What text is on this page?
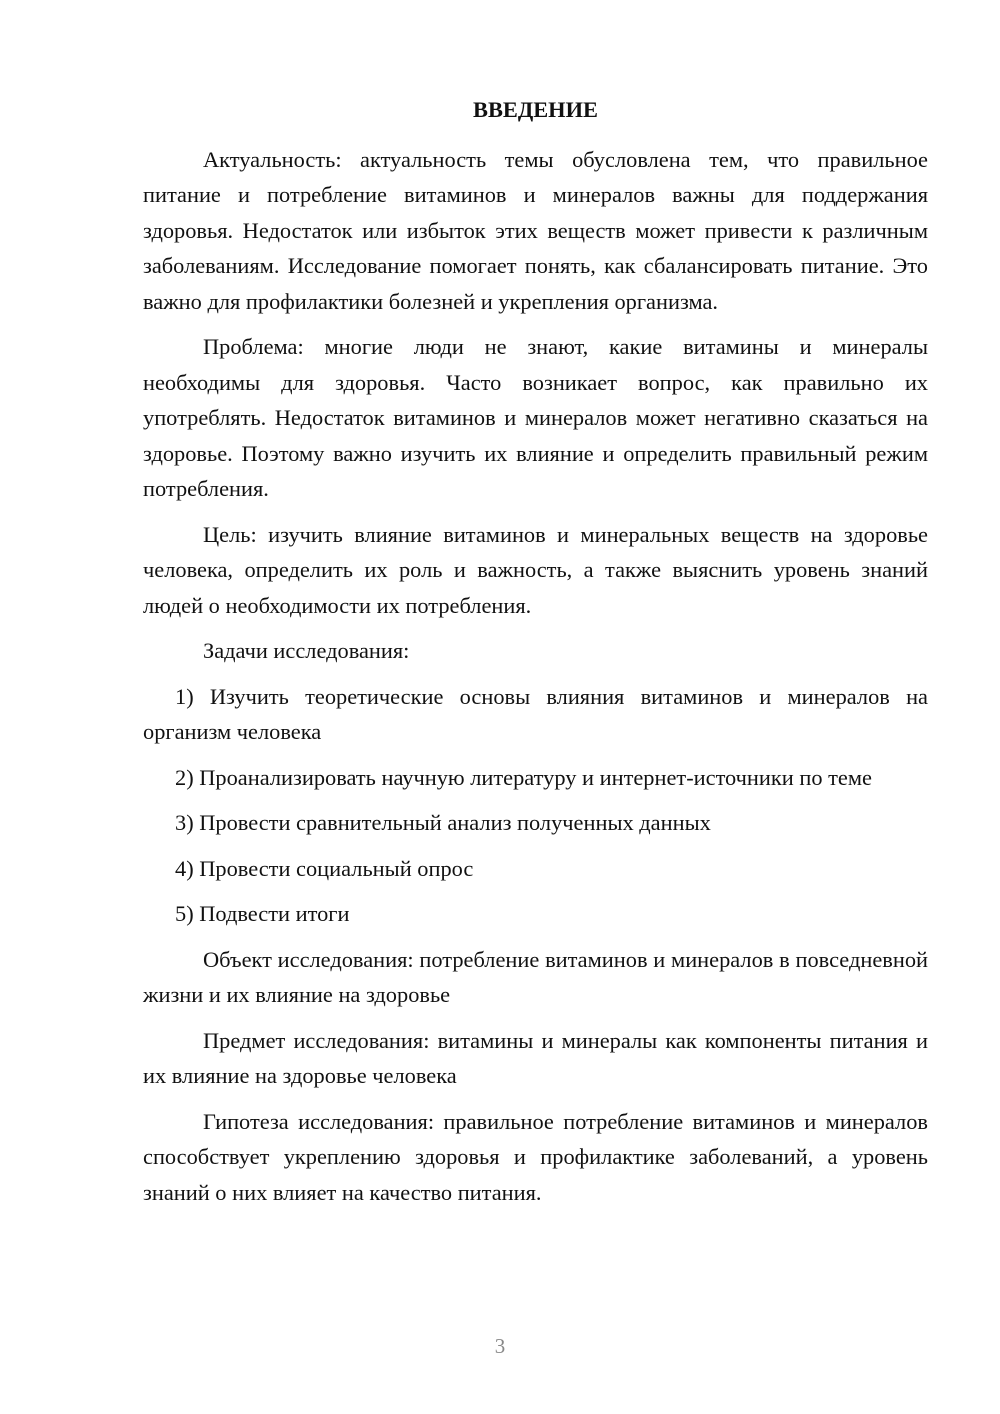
ВВЕДЕНИЕ

Актуальность: актуальность темы обусловлена тем, что правильное питание и потребление витаминов и минералов важны для поддержания здоровья. Недостаток или избыток этих веществ может привести к различным заболеваниям. Исследование помогает понять, как сбалансировать питание. Это важно для профилактики болезней и укрепления организма.

Проблема: многие люди не знают, какие витамины и минералы необходимы для здоровья. Часто возникает вопрос, как правильно их употреблять. Недостаток витаминов и минералов может негативно сказаться на здоровье. Поэтому важно изучить их влияние и определить правильный режим потребления.

Цель: изучить влияние витаминов и минеральных веществ на здоровье человека, определить их роль и важность, а также выяснить уровень знаний людей о необходимости их потребления.

Задачи исследования:

1) Изучить теоретические основы влияния витаминов и минералов на организм человека

2) Проанализировать научную литературу и интернет-источники по теме

3) Провести сравнительный анализ полученных данных

4) Провести социальный опрос

5) Подвести итоги

Объект исследования: потребление витаминов и минералов в повседневной жизни и их влияние на здоровье

Предмет исследования: витамины и минералы как компоненты питания и их влияние на здоровье человека

Гипотеза исследования: правильное потребление витаминов и минералов способствует укреплению здоровья и профилактике заболеваний, а уровень знаний о них влияет на качество питания.

3
